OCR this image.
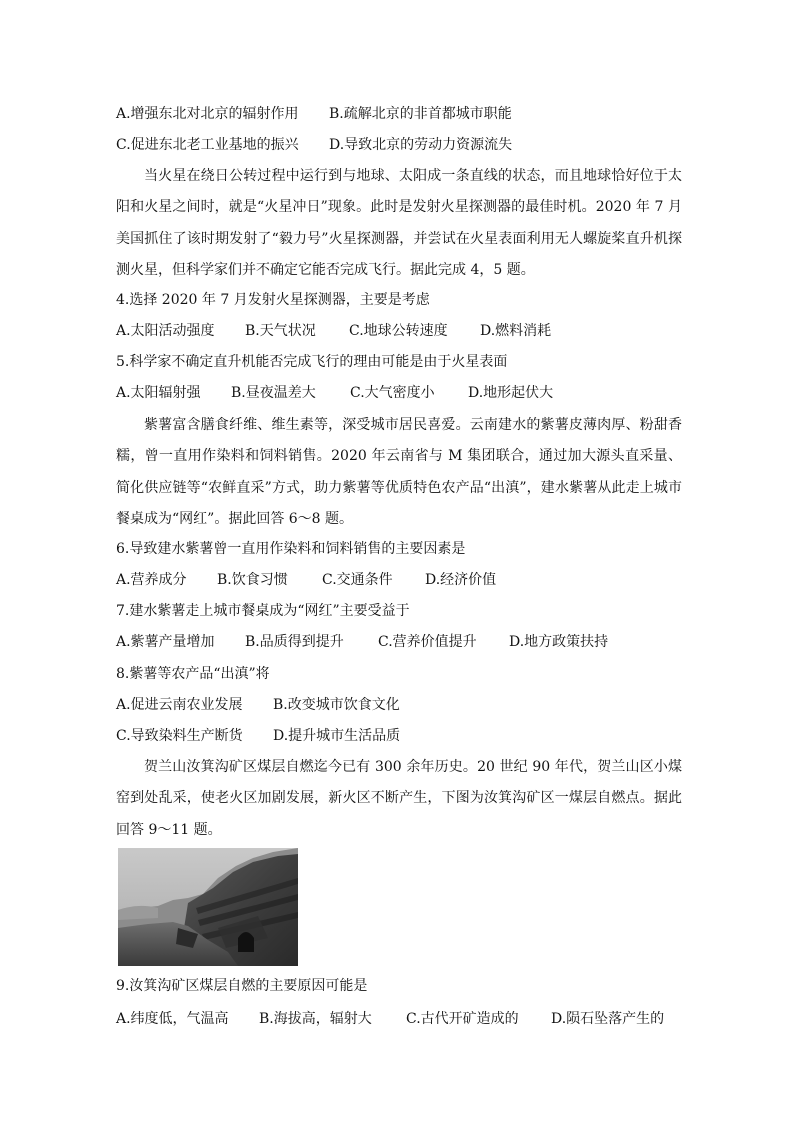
A.增强东北对北京的辐射作用	B.疏解北京的非首都城市职能
C.促进东北老工业基地的振兴	D.导致北京的劳动力资源流失
当火星在绕日公转过程中运行到与地球、太阳成一条直线的状态，而且地球恰好位于太阳和火星之间时，就是“火星冲日”现象。此时是发射火星探测器的最佳时机。2020 年 7 月美国抓住了该时期发射了“毅力号”火星探测器，并尝试在火星表面利用无人螺旋桨直升机探测火星，但科学家们并不确定它能否完成飞行。据此完成 4，5 题。
4.选择 2020 年 7 月发射火星探测器，主要是考虑
A.太阳活动强度	B.天气状况	C.地球公转速度	D.燃料消耗
5.科学家不确定直升机能否完成飞行的理由可能是由于火星表面
A.太阳辐射强	B.昼夜温差大	C.大气密度小	D.地形起伏大
紫薯富含膳食纤维、维生素等，深受城市居民喜爱。云南建水的紫薯皮薄肉厚、粉甜香糯，曾一直用作染料和饲料销售。2020 年云南省与 M 集团联合，通过加大源头直采量、简化供应链等“农鲜直采”方式，助力紫薯等优质特色农产品“出滇”，建水紫薯从此走上城市餐桌成为“网红”。据此回答 6～8 题。
6.导致建水紫薯曾一直用作染料和饲料销售的主要因素是
A.营养成分	B.饮食习惯	C.交通条件	D.经济价值
7.建水紫薯走上城市餐桌成为“网红”主要受益于
A.紫薯产量增加	B.品质得到提升	C.营养价值提升	D.地方政策扶持
8.紫薯等农产品“出滇”将
A.促进云南农业发展	B.改变城市饮食文化
C.导致染料生产断货	D.提升城市生活品质
贺兰山汝箕沟矿区煤层自燃迄今已有 300 余年历史。20 世纪 90 年代，贺兰山区小煤窑到处乱采，使老火区加剧发展，新火区不断产生，下图为汝箕沟矿区一煤层自燃点。据此回答 9～11 题。
9.汝箕沟矿区煤层自燃的主要原因可能是
A.纬度低，气温高	B.海拔高，辐射大	C.古代开矿造成的	D.陨石坠落产生的
